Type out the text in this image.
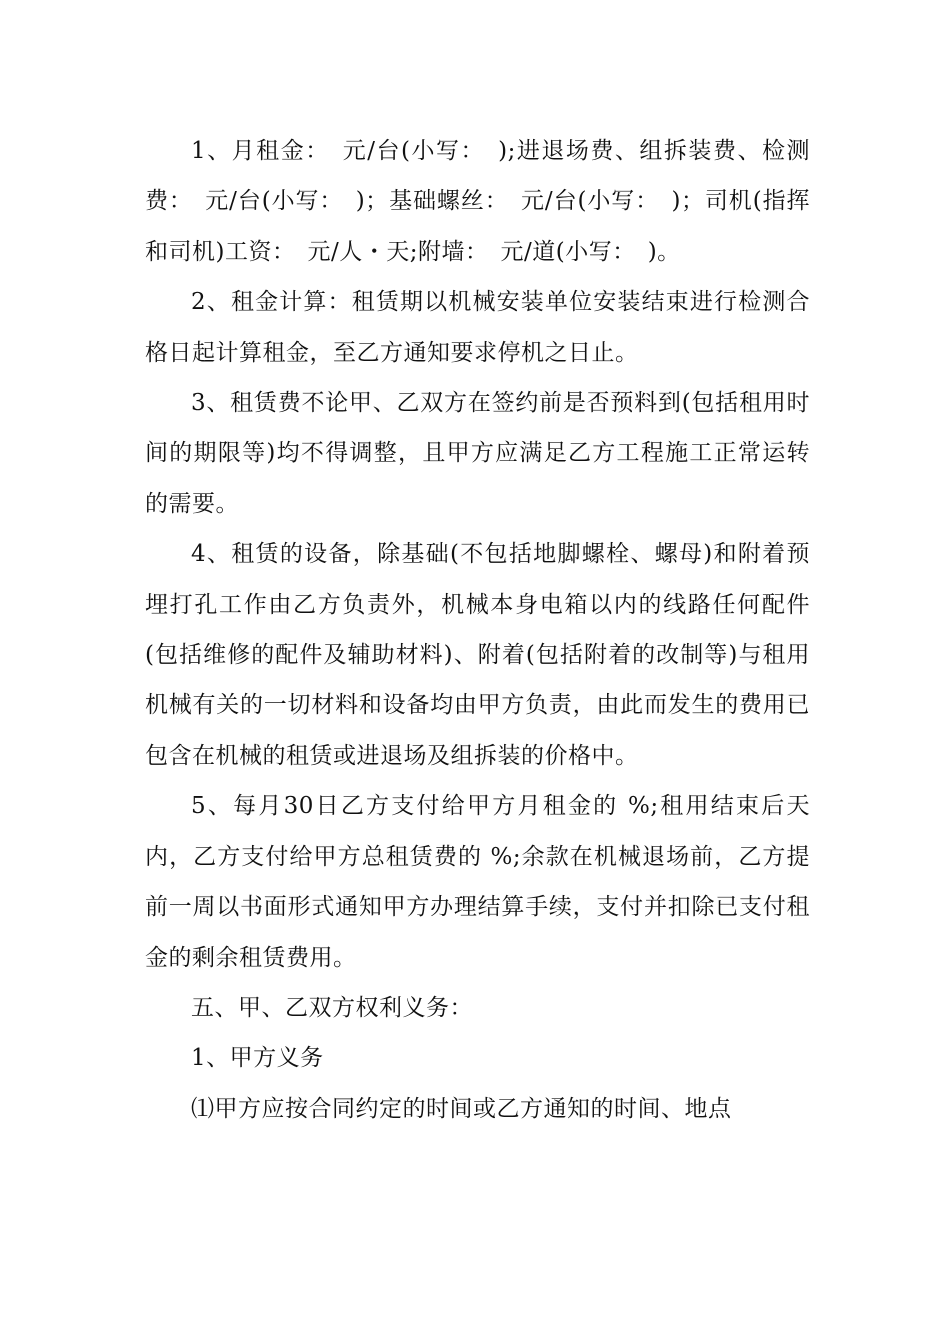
1、月租金：　元/台(小写：　);进退场费、组拆装费、检测费：　元/台(小写：　)；基础螺丝：　元/台(小写：　)；司机(指挥和司机)工资：　元/人・天;附墙：　元/道(小写：　)。

2、租金计算：租赁期以机械安装单位安装结束进行检测合格日起计算租金，至乙方通知要求停机之日止。

3、租赁费不论甲、乙双方在签约前是否预料到(包括租用时间的期限等)均不得调整，且甲方应满足乙方工程施工正常运转的需要。

4、租赁的设备，除基础(不包括地脚螺栓、螺母)和附着预埋打孔工作由乙方负责外，机械本身电箱以内的线路任何配件(包括维修的配件及辅助材料)、附着(包括附着的改制等)与租用机械有关的一切材料和设备均由甲方负责，由此而发生的费用已包含在机械的租赁或进退场及组拆装的价格中。

5、每月30日乙方支付给甲方月租金的 %;租用结束后天内，乙方支付给甲方总租赁费的 %;余款在机械退场前，乙方提前一周以书面形式通知甲方办理结算手续，支付并扣除已支付租金的剩余租赁费用。

五、甲、乙双方权利义务：

1、甲方义务

⑴甲方应按合同约定的时间或乙方通知的时间、地点
